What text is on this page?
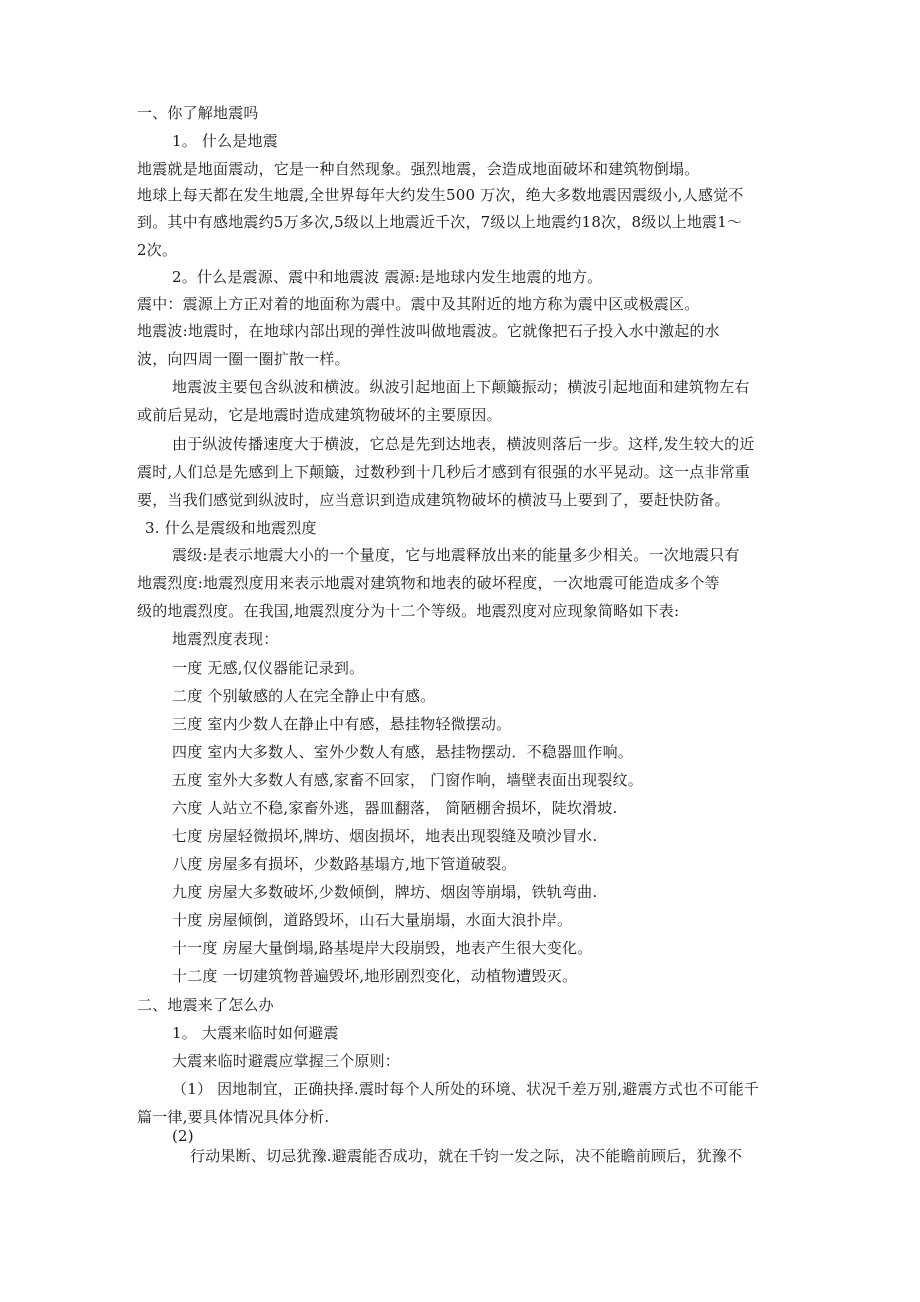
一、你了解地震吗
1。 什么是地震
地震就是地面震动，它是一种自然现象。强烈地震，会造成地面破坏和建筑物倒塌。
地球上每天都在发生地震,全世界每年大约发生500 万次，绝大多数地震因震级小,人感觉不
到。其中有感地震约5万多次,5级以上地震近千次，7级以上地震约18次，8级以上地震1～
2次。
2。什么是震源、震中和地震波 震源:是地球内发生地震的地方。
震中：震源上方正对着的地面称为震中。震中及其附近的地方称为震中区或极震区。
地震波:地震时，在地球内部出现的弹性波叫做地震波。它就像把石子投入水中激起的水
波，向四周一圈一圈扩散一样。
地震波主要包含纵波和横波。纵波引起地面上下颠簸振动；横波引起地面和建筑物左右
或前后晃动，它是地震时造成建筑物破坏的主要原因。
由于纵波传播速度大于横波，它总是先到达地表，横波则落后一步。这样,发生较大的近
震时,人们总是先感到上下颠簸，过数秒到十几秒后才感到有很强的水平晃动。这一点非常重
要，当我们感觉到纵波时，应当意识到造成建筑物破坏的横波马上要到了，要赶快防备。
3. 什么是震级和地震烈度
震级:是表示地震大小的一个量度，它与地震释放出来的能量多少相关。一次地震只有
地震烈度:地震烈度用来表示地震对建筑物和地表的破坏程度，一次地震可能造成多个等
级的地震烈度。在我国,地震烈度分为十二个等级。地震烈度对应现象简略如下表:
地震烈度表现：
一度 无感,仅仪器能记录到。
二度 个别敏感的人在完全静止中有感。
三度 室内少数人在静止中有感，悬挂物轻微摆动。
四度 室内大多数人、室外少数人有感，悬挂物摆动．不稳器皿作响。
五度 室外大多数人有感,家畜不回家， 门窗作响，墙壁表面出现裂纹。
六度 人站立不稳,家畜外逃，器皿翻落， 简陋棚舍损坏，陡坎滑坡.
七度 房屋轻微损坏,牌坊、烟囱损坏，地表出现裂缝及喷沙冒水.
八度 房屋多有损坏，少数路基塌方,地下管道破裂。
九度 房屋大多数破坏,少数倾倒，牌坊、烟囱等崩塌，铁轨弯曲.
十度 房屋倾倒，道路毁坏，山石大量崩塌，水面大浪扑岸。
十一度 房屋大量倒塌,路基堤岸大段崩毁，地表产生很大变化。
十二度 一切建筑物普遍毁坏,地形剧烈变化，动植物遭毁灭。
二、地震来了怎么办
1。 大震来临时如何避震
大震来临时避震应掌握三个原则：
（1） 因地制宜，正确抉择.震时每个人所处的环境、状况千差万别,避震方式也不可能千
篇一律,要具体情况具体分析.
(2)
行动果断、切忌犹豫.避震能否成功，就在千钧一发之际，决不能瞻前顾后，犹豫不
